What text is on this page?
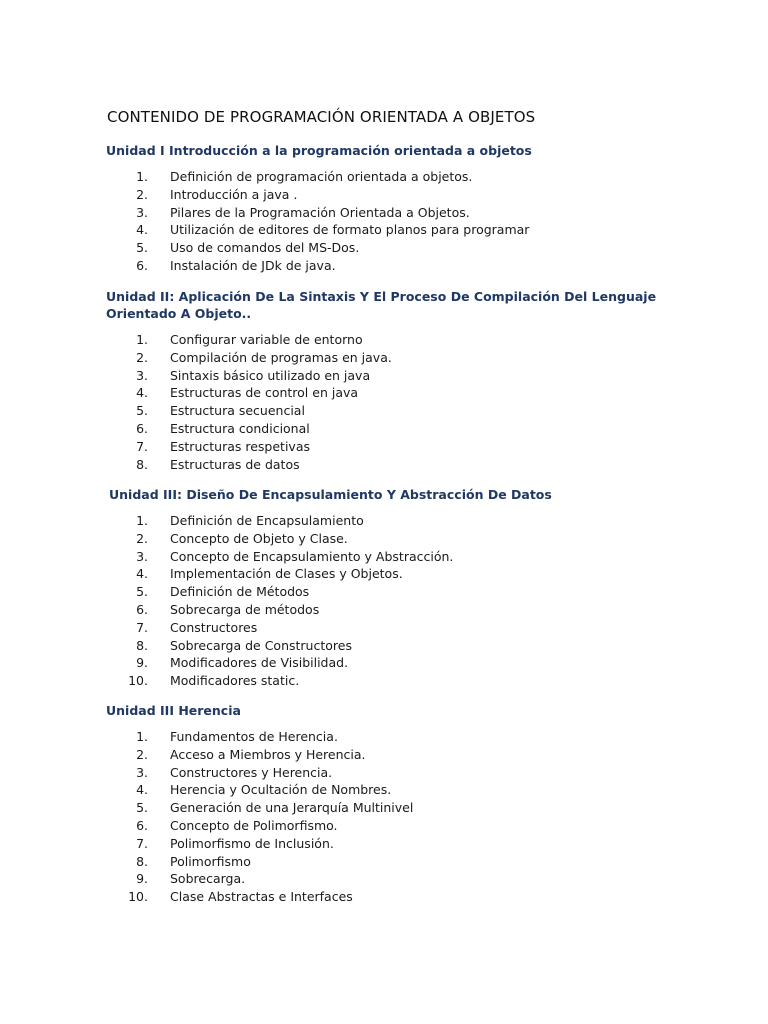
CONTENIDO DE PROGRAMACIÓN ORIENTADA A OBJETOS
Unidad I Introducción a la programación orientada a objetos
1. Definición de programación orientada a objetos.
2. Introducción a java .
3. Pilares de la Programación Orientada a Objetos.
4. Utilización de editores de formato planos para programar
5. Uso de comandos del MS-Dos.
6. Instalación de JDk de java.
Unidad II: Aplicación De La Sintaxis Y El Proceso De Compilación Del Lenguaje Orientado A Objeto..
1. Configurar variable de entorno
2. Compilación de programas en java.
3. Sintaxis básico utilizado en java
4. Estructuras de control en java
5. Estructura secuencial
6. Estructura condicional
7. Estructuras respetivas
8. Estructuras de datos
Unidad III: Diseño De Encapsulamiento Y Abstracción De Datos
1. Definición de Encapsulamiento
2. Concepto de Objeto y Clase.
3. Concepto de Encapsulamiento y Abstracción.
4. Implementación de Clases y Objetos.
5. Definición de Métodos
6. Sobrecarga de métodos
7. Constructores
8. Sobrecarga de Constructores
9. Modificadores de Visibilidad.
10. Modificadores static.
Unidad III Herencia
1. Fundamentos de Herencia.
2. Acceso a Miembros y Herencia.
3. Constructores y Herencia.
4. Herencia y Ocultación de Nombres.
5. Generación de una Jerarquía Multinivel
6. Concepto de Polimorfismo.
7. Polimorfismo de Inclusión.
8. Polimorfismo
9. Sobrecarga.
10. Clase Abstractas e Interfaces
